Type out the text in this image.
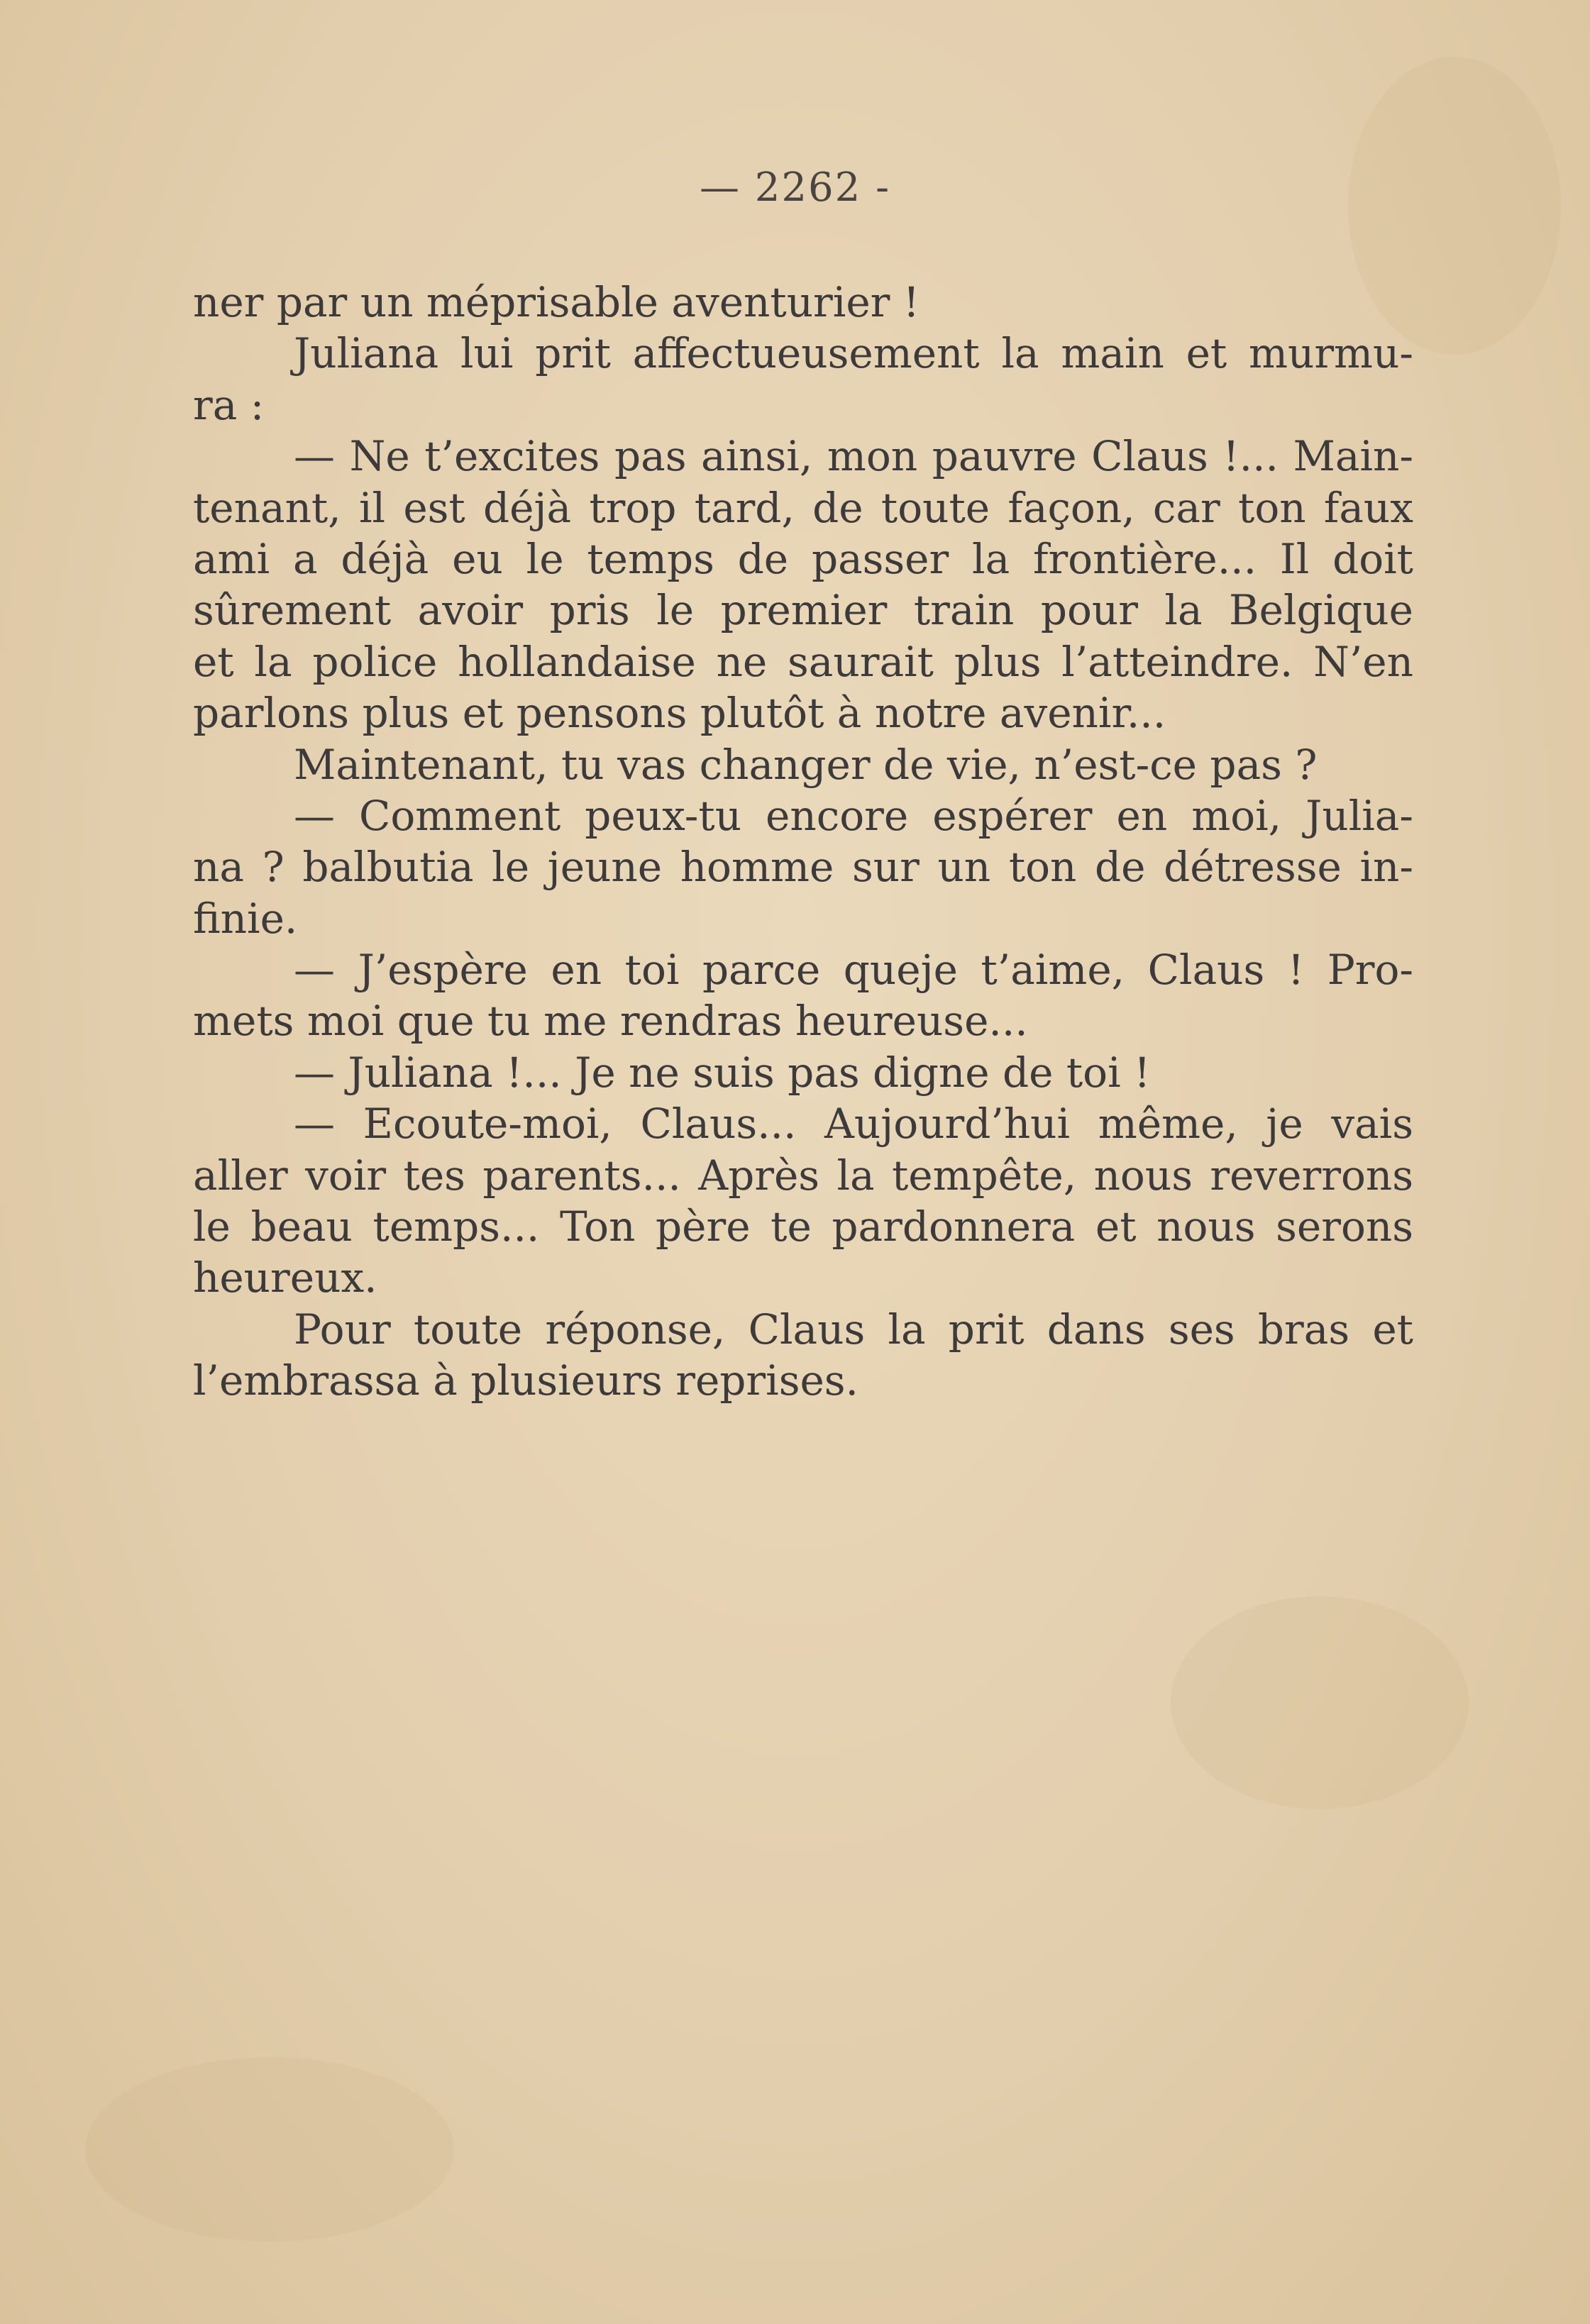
— 2262 -
ner par un méprisable aventurier !
Juliana lui prit affectueusement la main et murmu-
ra :
— Ne t’excites pas ainsi, mon pauvre Claus !... Main-
tenant, il est déjà trop tard, de toute façon, car ton faux
ami a déjà eu le temps de passer la frontière... Il doit
sûrement avoir pris le premier train pour la Belgique
et la police hollandaise ne saurait plus l’atteindre. N’en
parlons plus et pensons plutôt à notre avenir...
Maintenant, tu vas changer de vie, n’est-ce pas ?
— Comment peux-tu encore espérer en moi, Julia-
na ? balbutia le jeune homme sur un ton de détresse in-
finie.
— J’espère en toi parce queje t’aime, Claus ! Pro-
mets moi que tu me rendras heureuse...
— Juliana !... Je ne suis pas digne de toi !
— Ecoute-moi, Claus... Aujourd’hui même, je vais
aller voir tes parents... Après la tempête, nous reverrons
le beau temps... Ton père te pardonnera et nous serons
heureux.
Pour toute réponse, Claus la prit dans ses bras et
l’embrassa à plusieurs reprises.
